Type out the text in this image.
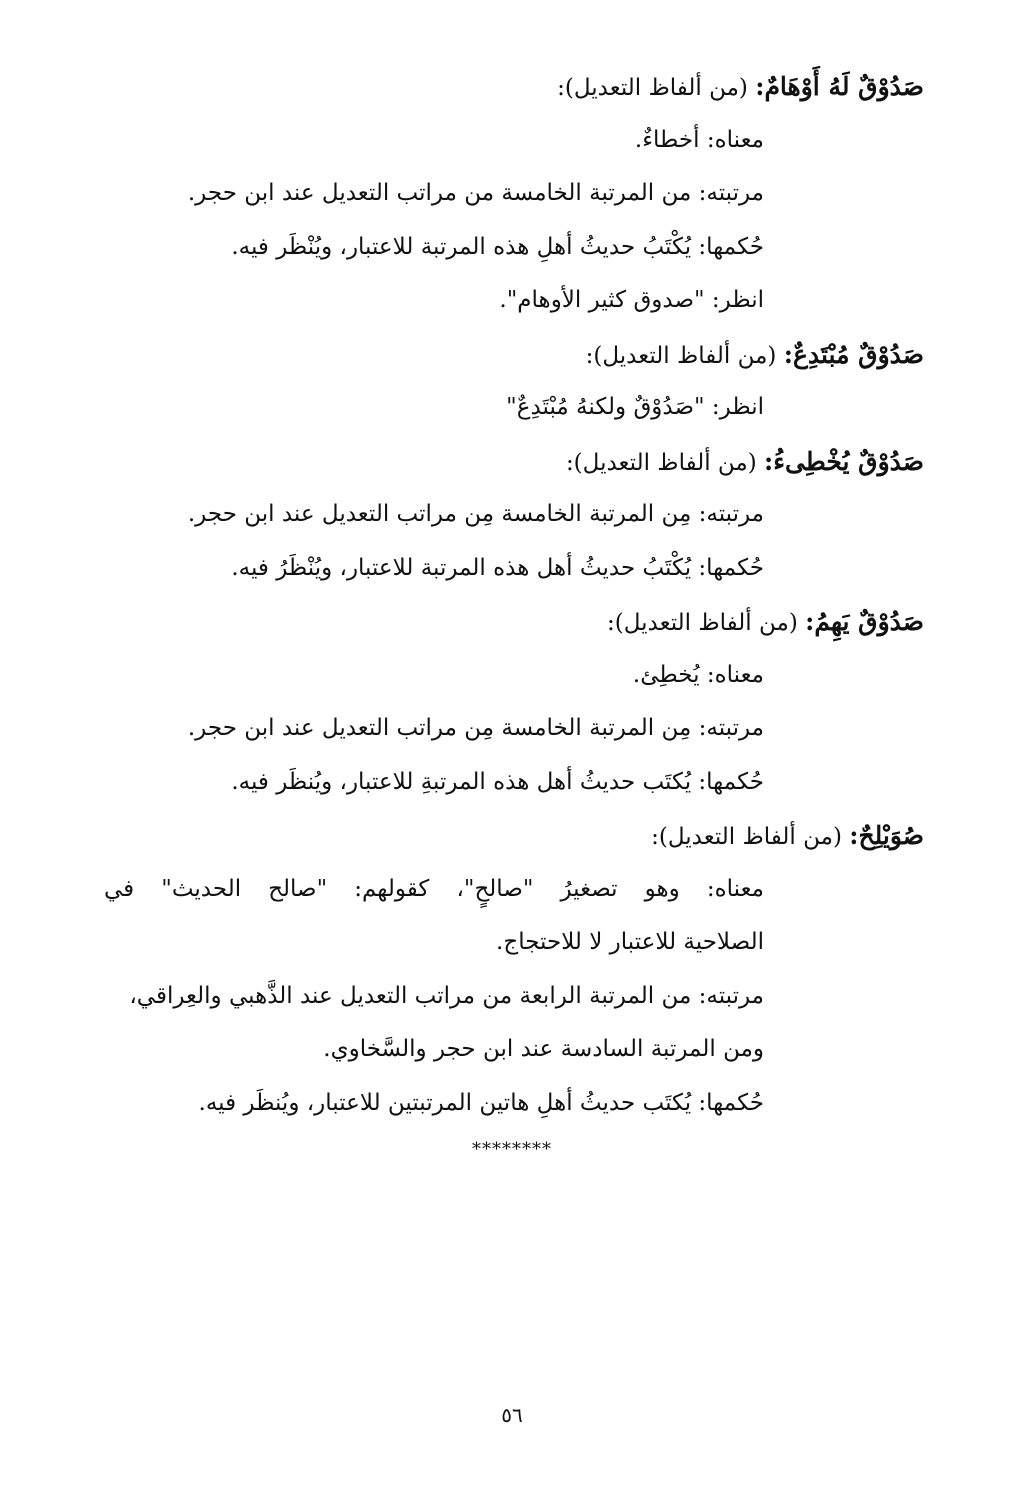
صَدُوْقٌ لَهُ أَوْهَامٌ: (من ألفاظ التعديل):
معناه: أخطاءٌ.
مرتبته: من المرتبة الخامسة من مراتب التعديل عند ابن حجر.
حُكمها: يُكْتَبُ حديثُ أهلِ هذه المرتبة للاعتبار، ويُنْظَر فيه.
انظر: "صدوق كثير الأوهام".
صَدُوْقٌ مُبْتَدِعٌ: (من ألفاظ التعديل):
انظر: "صَدُوْقٌ ولكنهُ مُبْتَدِعٌ"
صَدُوْقٌ يُخْطِىءُ: (من ألفاظ التعديل):
مرتبته: مِن المرتبة الخامسة مِن مراتب التعديل عند ابن حجر.
حُكمها: يُكْتَبُ حديثُ أهل هذه المرتبة للاعتبار، ويُنْظَرُ فيه.
صَدُوْقٌ يَهِمُ: (من ألفاظ التعديل):
معناه: يُخطِئ.
مرتبته: مِن المرتبة الخامسة مِن مراتب التعديل عند ابن حجر.
حُكمها: يُكتَب حديثُ أهل هذه المرتبةِ للاعتبار، ويُنظَر فيه.
صُوَيْلِحٌ: (من ألفاظ التعديل):
معناه: وهو تصغيرُ "صالحٍ"، كقولهم: "صالح الحديث" في
الصلاحية للاعتبار لا للاحتجاج.
مرتبته: من المرتبة الرابعة من مراتب التعديل عند الذَّهبي والعِراقي،
ومن المرتبة السادسة عند ابن حجر والسَّخاوي.
حُكمها: يُكتَب حديثُ أهلِ هاتين المرتبتين للاعتبار، ويُنظَر فيه.
********
٥٦
